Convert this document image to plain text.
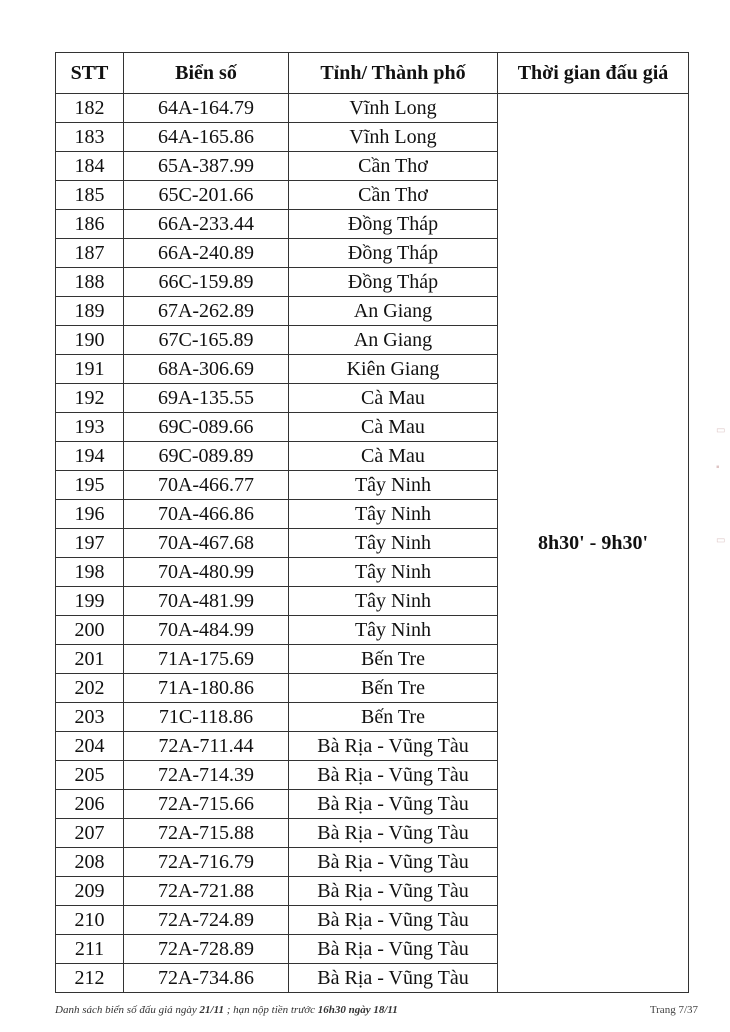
STT	Biển số	Tỉnh/ Thành phố	Thời gian đấu giá
182	64A-164.79	Vĩnh Long	8h30' - 9h30'
183	64A-165.86	Vĩnh Long	
184	65A-387.99	Cần Thơ	
185	65C-201.66	Cần Thơ	
186	66A-233.44	Đồng Tháp	
187	66A-240.89	Đồng Tháp	
188	66C-159.89	Đồng Tháp	
189	67A-262.89	An Giang	
190	67C-165.89	An Giang	
191	68A-306.69	Kiên Giang	
192	69A-135.55	Cà Mau	
193	69C-089.66	Cà Mau	
194	69C-089.89	Cà Mau	
195	70A-466.77	Tây Ninh	
196	70A-466.86	Tây Ninh	
197	70A-467.68	Tây Ninh	
198	70A-480.99	Tây Ninh	
199	70A-481.99	Tây Ninh	
200	70A-484.99	Tây Ninh	
201	71A-175.69	Bến Tre	
202	71A-180.86	Bến Tre	
203	71C-118.86	Bến Tre	
204	72A-711.44	Bà Rịa - Vũng Tàu	
205	72A-714.39	Bà Rịa - Vũng Tàu	
206	72A-715.66	Bà Rịa - Vũng Tàu	
207	72A-715.88	Bà Rịa - Vũng Tàu	
208	72A-716.79	Bà Rịa - Vũng Tàu	
209	72A-721.88	Bà Rịa - Vũng Tàu	
210	72A-724.89	Bà Rịa - Vũng Tàu	
211	72A-728.89	Bà Rịa - Vũng Tàu	
212	72A-734.86	Bà Rịa - Vũng Tàu	
Danh sách biển số đấu giá ngày 21/11 ; hạn nộp tiền trước 16h30 ngày 18/11	Trang 7/37
▭
▪
▭
